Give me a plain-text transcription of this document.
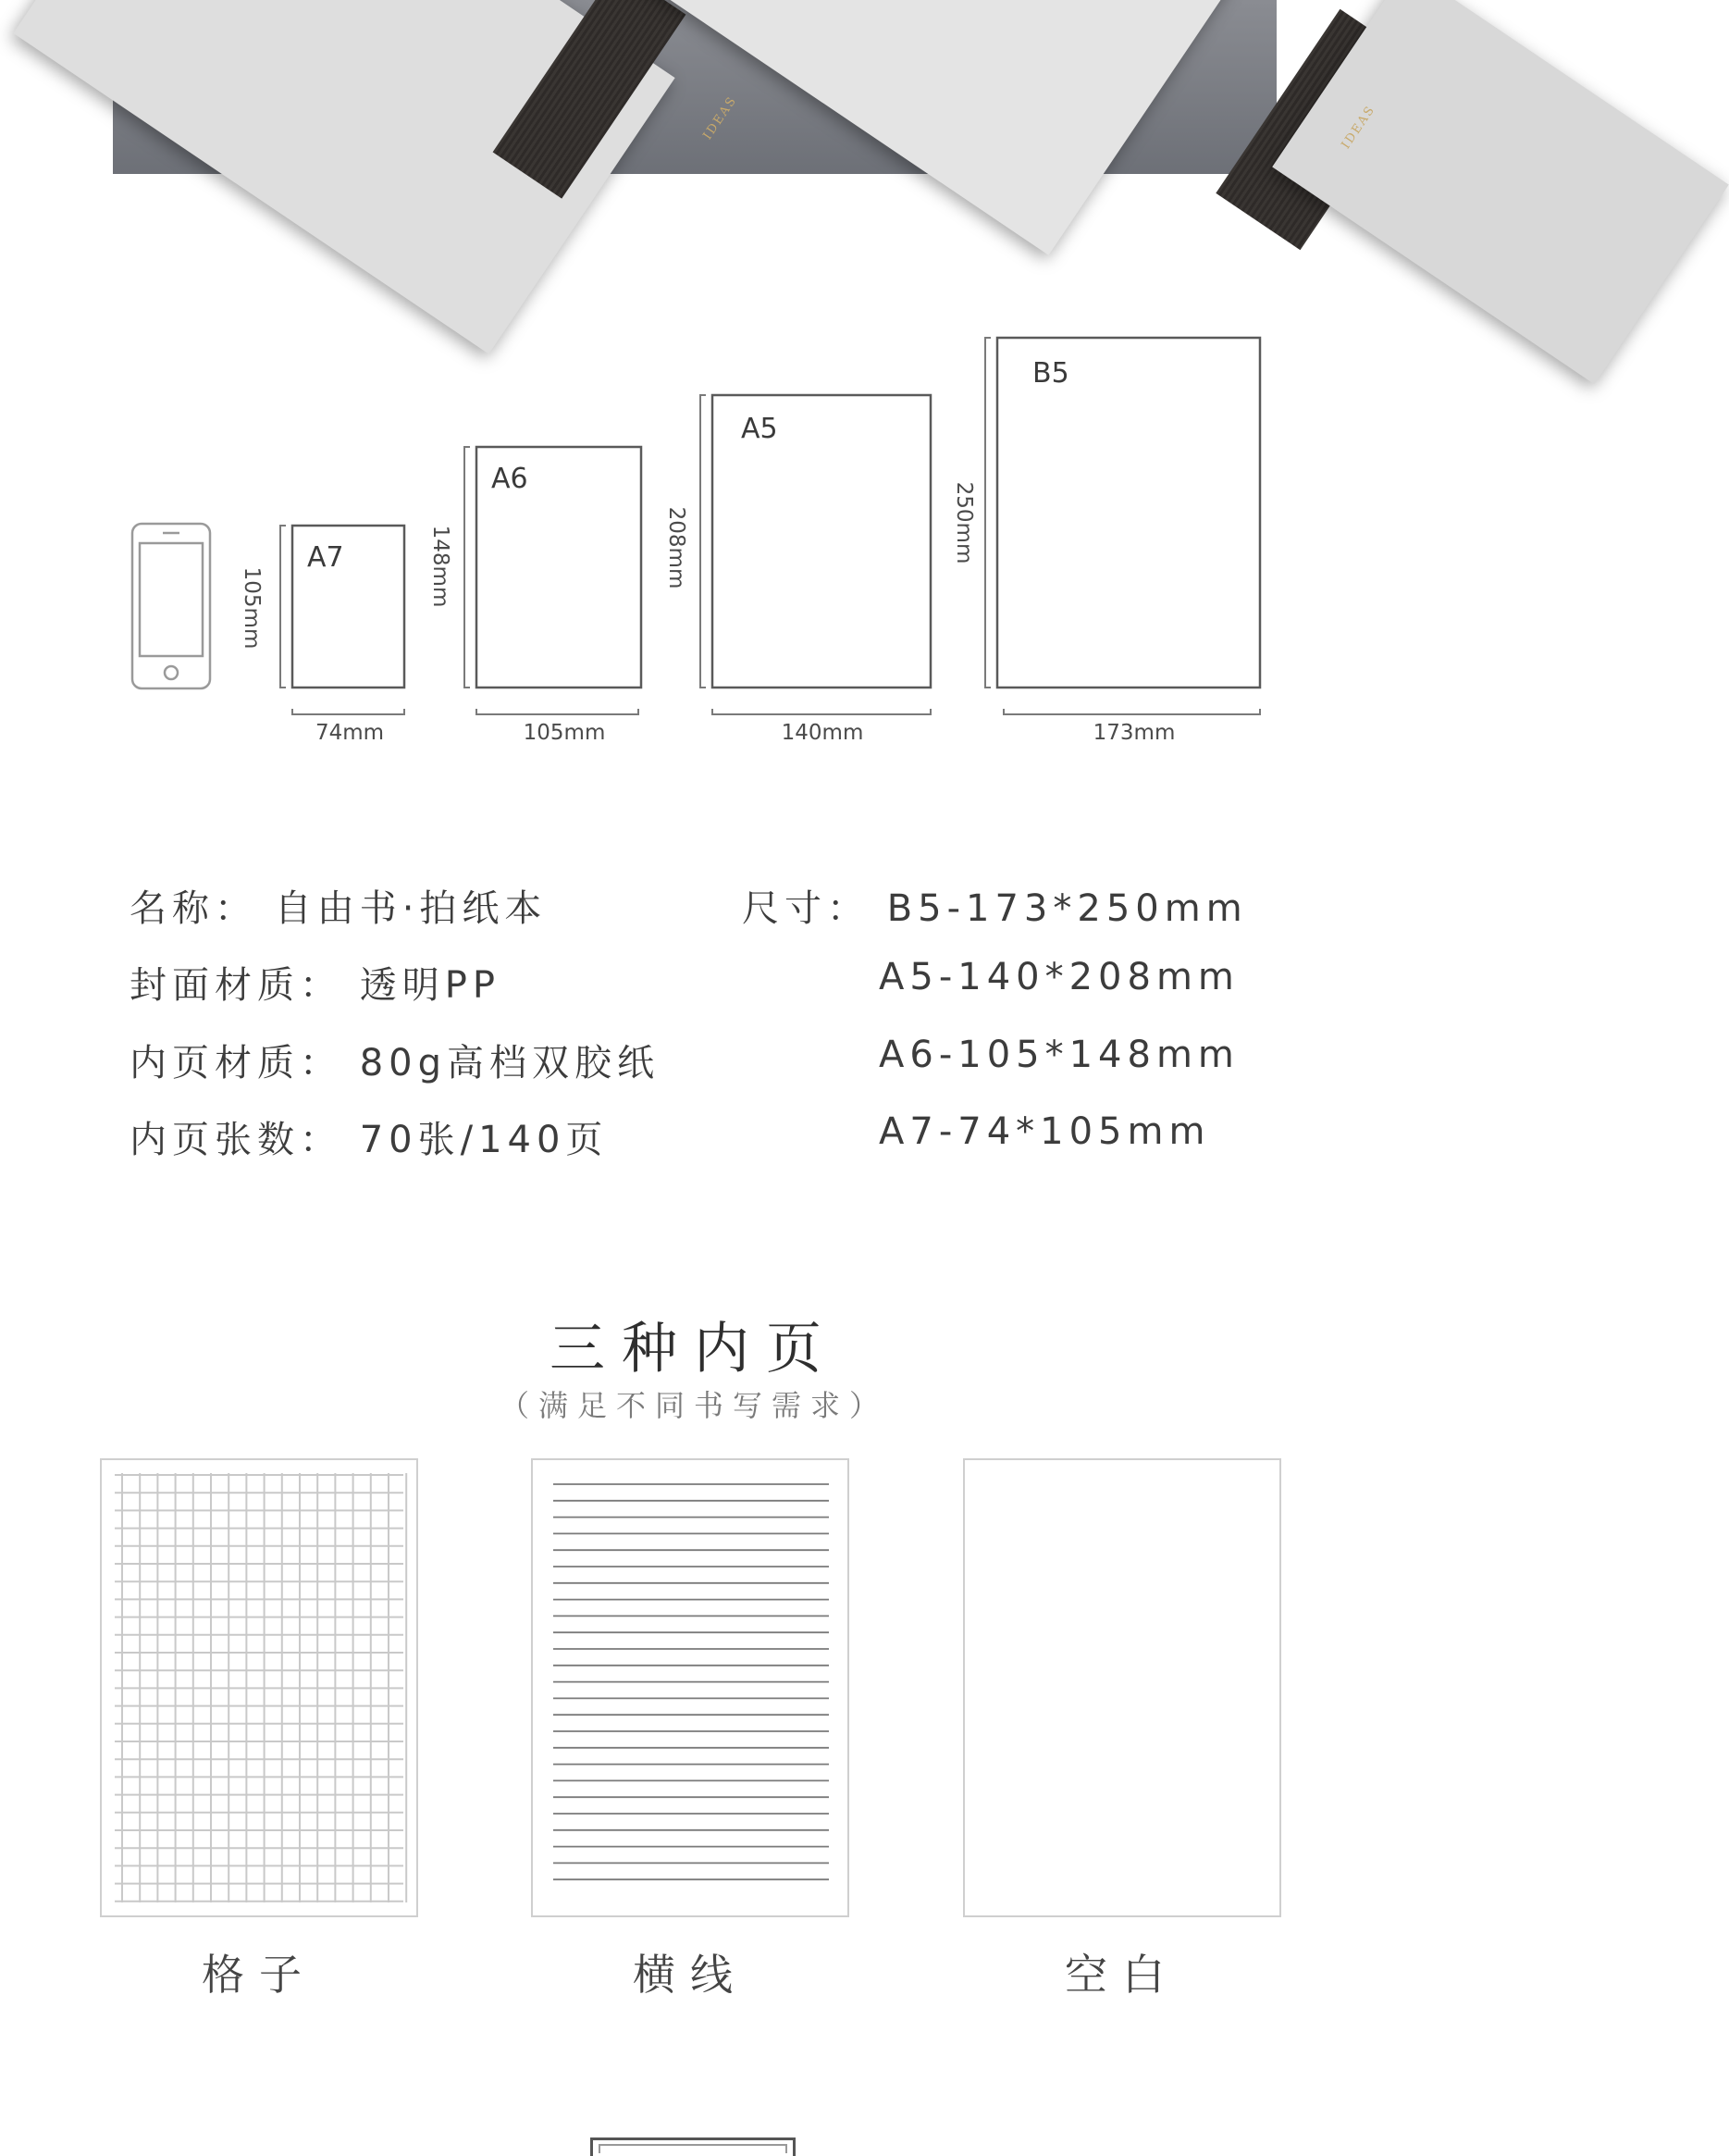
IDEAS	IDEAS
A7
105mm
74mm
A6
148mm
105mm
A5
208mm
140mm
B5
250mm
173mm
名称： 自由书·拍纸本
封面材质： 透明PP
内页材质： 80g高档双胶纸
内页张数： 70张/140页
尺寸： B5-173*250mm
A5-140*208mm
A6-105*148mm
A7-74*105mm
三种内页
（满足不同书写需求）
格子	横线	空白
